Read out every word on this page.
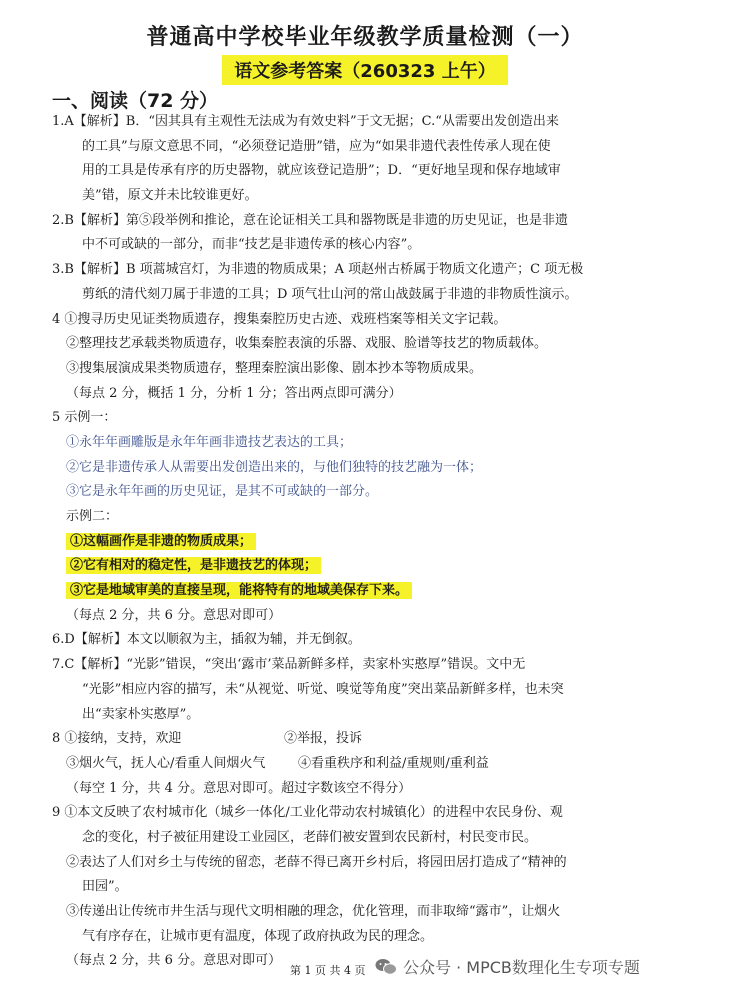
普通高中学校毕业年级教学质量检测（一）
语文参考答案（260323 上午）
一、阅读（72 分）
1.A【解析】B．“因其具有主观性无法成为有效史料”于文无据；C.“从需要出发创造出来
的工具”与原文意思不同，“必须登记造册”错，应为“如果非遗代表性传承人现在使
用的工具是传承有序的历史器物，就应该登记造册”；D．“更好地呈现和保存地域审
美”错，原文并未比较谁更好。
2.B【解析】第⑤段举例和推论，意在论证相关工具和器物既是非遗的历史见证，也是非遗
中不可或缺的一部分，而非“技艺是非遗传承的核心内容”。
3.B【解析】B 项蒿城宫灯，为非遗的物质成果；A 项赵州古桥属于物质文化遗产；C 项无极
剪纸的清代刻刀属于非遗的工具；D 项气壮山河的常山战鼓属于非遗的非物质性演示。
4 ①搜寻历史见证类物质遗存，搜集秦腔历史古迹、戏班档案等相关文字记载。
②整理技艺承载类物质遗存，收集秦腔表演的乐器、戏服、脸谱等技艺的物质载体。
③搜集展演成果类物质遗存，整理秦腔演出影像、剧本抄本等物质成果。
（每点 2 分，概括 1 分，分析 1 分；答出两点即可满分）
5 示例一：
①永年年画雕版是永年年画非遗技艺表达的工具；
②它是非遗传承人从需要出发创造出来的，与他们独特的技艺融为一体；
③它是永年年画的历史见证，是其不可或缺的一部分。
示例二：
①这幅画作是非遗的物质成果；
②它有相对的稳定性，是非遗技艺的体现；
③它是地域审美的直接呈现，能将特有的地域美保存下来。
（每点 2 分，共 6 分。意思对即可）
6.D【解析】本文以顺叙为主，插叙为辅，并无倒叙。
7.C【解析】“光影”错误，“突出‘露市’菜品新鲜多样，卖家朴实憨厚”错误。文中无
“光影”相应内容的描写，未“从视觉、听觉、嗅觉等角度”突出菜品新鲜多样，也未突
出“卖家朴实憨厚”。
8 ①接纳，支持，欢迎	②举报，投诉
③烟火气，抚人心/看重人间烟火气	④看重秩序和利益/重规则/重利益
（每空 1 分，共 4 分。意思对即可。超过字数该空不得分）
9 ①本文反映了农村城市化（城乡一体化/工业化带动农村城镇化）的进程中农民身份、观
念的变化，村子被征用建设工业园区，老薛们被安置到农民新村，村民变市民。
②表达了人们对乡土与传统的留恋，老薛不得已离开乡村后，将园田居打造成了“精神的
田园”。
③传递出让传统市井生活与现代文明相融的理念，优化管理，而非取缔“露市”，让烟火
气有序存在，让城市更有温度，体现了政府执政为民的理念。
（每点 2 分，共 6 分。意思对即可）
第 1 页 共 4 页 公众号 · MPCB数理化生专项专题
